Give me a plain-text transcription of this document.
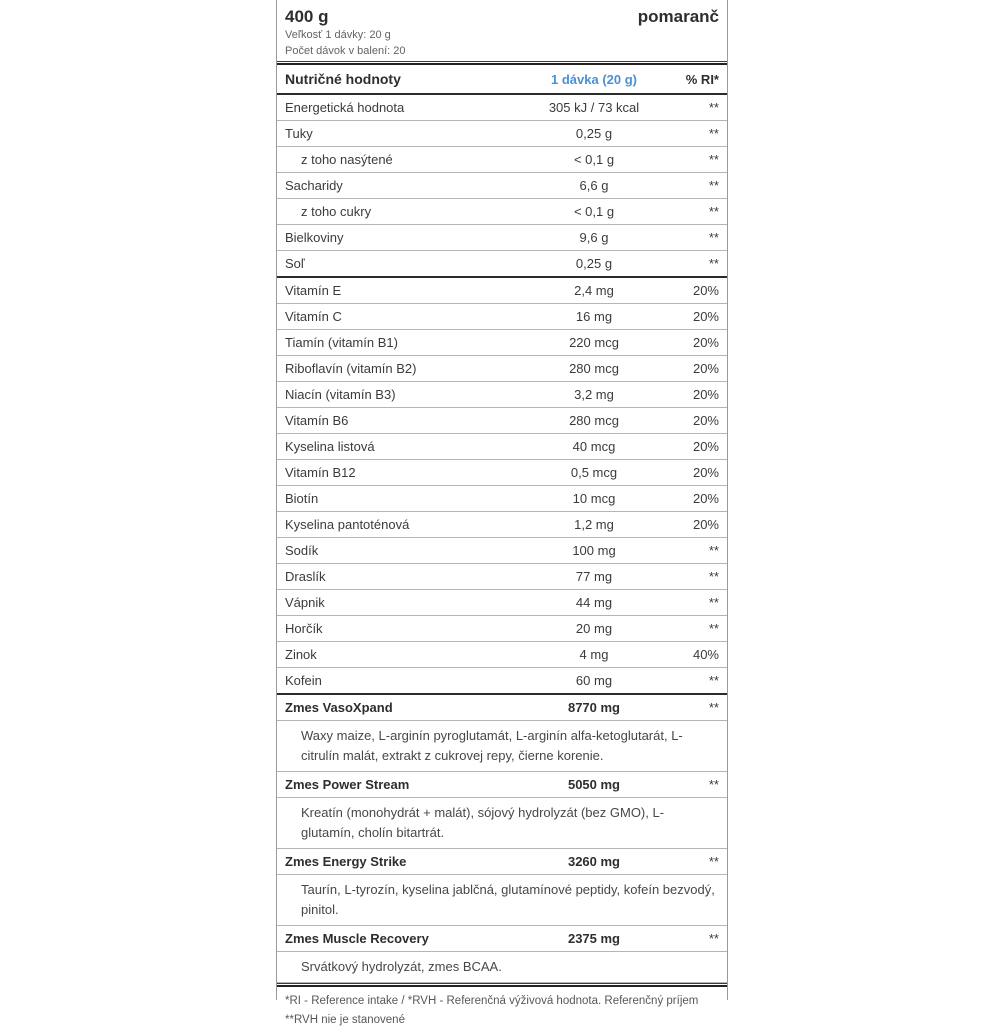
400 g	pomaranč
Veľkosť 1 dávky: 20 g
Počet dávok v balení: 20
Nutričné hodnoty	1 dávka (20 g)	% RI*
Energetická hodnota	305 kJ / 73 kcal	**
Tuky	0,25 g	**
z toho nasýtené	< 0,1 g	**
Sacharidy	6,6 g	**
z toho cukry	< 0,1 g	**
Bielkoviny	9,6 g	**
Soľ	0,25 g	**
Vitamín E	2,4 mg	20%
Vitamín C	16 mg	20%
Tiamín (vitamín B1)	220 mcg	20%
Riboflavín (vitamín B2)	280 mcg	20%
Niacín (vitamín B3)	3,2 mg	20%
Vitamín B6	280 mcg	20%
Kyselina listová	40 mcg	20%
Vitamín B12	0,5 mcg	20%
Biotín	10 mcg	20%
Kyselina pantoténová	1,2 mg	20%
Sodík	100 mg	**
Draslík	77 mg	**
Vápnik	44 mg	**
Horčík	20 mg	**
Zinok	4 mg	40%
Kofein	60 mg	**
Zmes VasoXpand	8770 mg	**
Waxy maize, L-arginín pyroglutamát, L-arginín alfa-ketoglutarát, L-citrulín malát, extrakt z cukrovej repy, čierne korenie.
Zmes Power Stream	5050 mg	**
Kreatín (monohydrát + malát), sójový hydrolyzát (bez GMO), L-glutamín, cholín bitartrát.
Zmes Energy Strike	3260 mg	**
Taurín, L-tyrozín, kyselina jablčná, glutamínové peptidy, kofeín bezvodý, pinitol.
Zmes Muscle Recovery	2375 mg	**
Srvátkový hydrolyzát, zmes BCAA.
*RI - Reference intake / *RVH - Referenčná výživová hodnota. Referenčný príjem
**RVH nie je stanovené
